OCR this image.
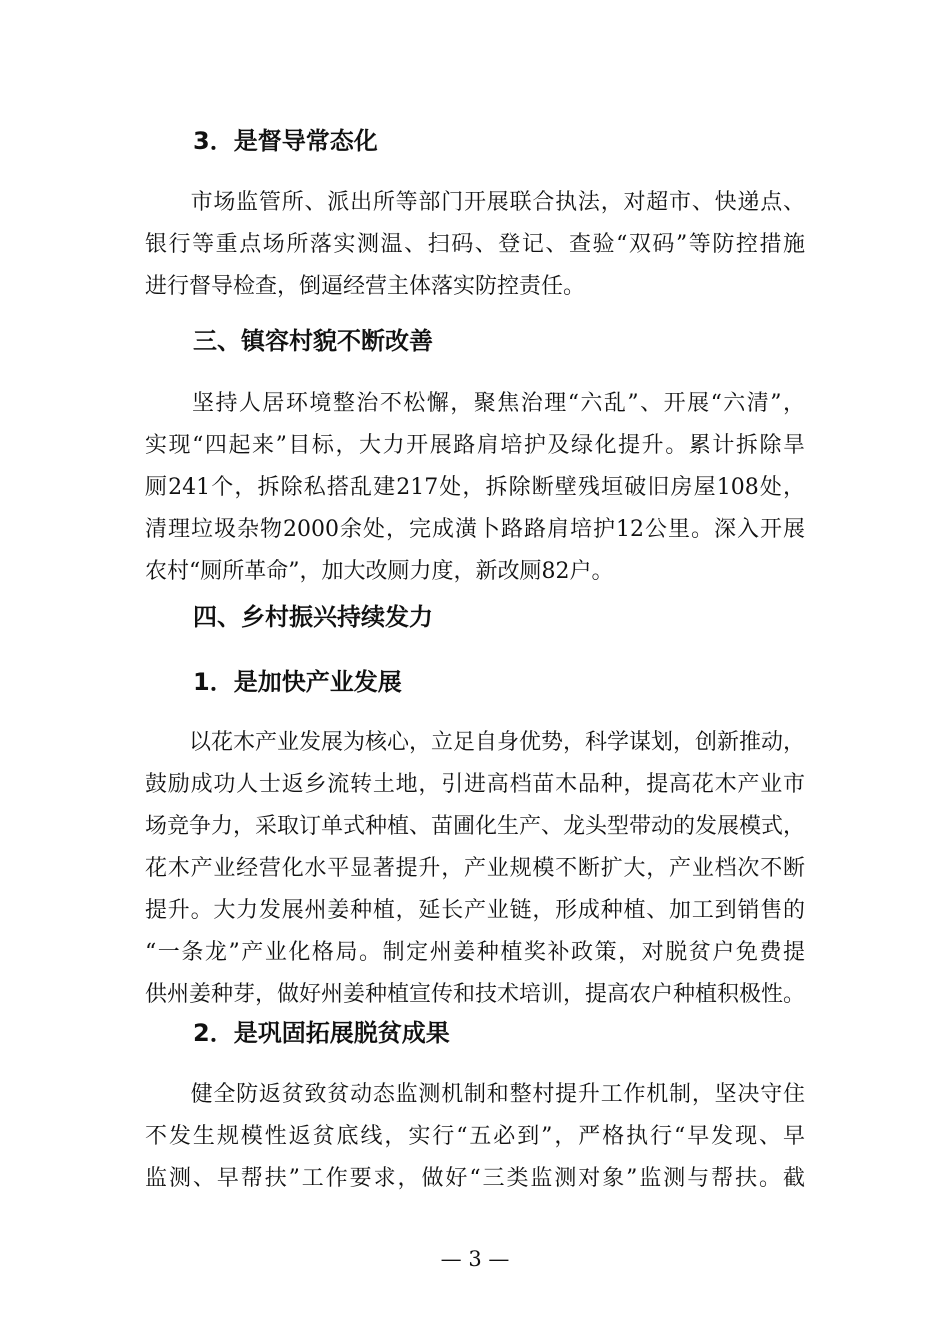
3．是督导常态化
　　市场监管所、派出所等部门开展联合执法，对超市、快递点、
银行等重点场所落实测温、扫码、登记、查验“双码”等防控措施
进行督导检查，倒逼经营主体落实防控责任。
三、镇容村貌不断改善
　　坚持人居环境整治不松懈，聚焦治理“六乱”、开展“六清”，
实现“四起来”目标，大力开展路肩培护及绿化提升。累计拆除旱
厕241个，拆除私搭乱建217处，拆除断壁残垣破旧房屋108处，
清理垃圾杂物2000余处，完成潢卜路路肩培护12公里。深入开展
农村“厕所革命”，加大改厕力度，新改厕82户。
四、乡村振兴持续发力
1．是加快产业发展
　　以花木产业发展为核心，立足自身优势，科学谋划，创新推动，
鼓励成功人士返乡流转土地，引进高档苗木品种，提高花木产业市
场竞争力，采取订单式种植、苗圃化生产、龙头型带动的发展模式，
花木产业经营化水平显著提升，产业规模不断扩大，产业档次不断
提升。大力发展州姜种植，延长产业链，形成种植、加工到销售的
“一条龙”产业化格局。制定州姜种植奖补政策，对脱贫户免费提
供州姜种芽，做好州姜种植宣传和技术培训，提高农户种植积极性。
2．是巩固拓展脱贫成果
　　健全防返贫致贫动态监测机制和整村提升工作机制，坚决守住
不发生规模性返贫底线，实行“五必到”，严格执行“早发现、早
监测、早帮扶”工作要求，做好“三类监测对象”监测与帮扶。截
— 3 —
